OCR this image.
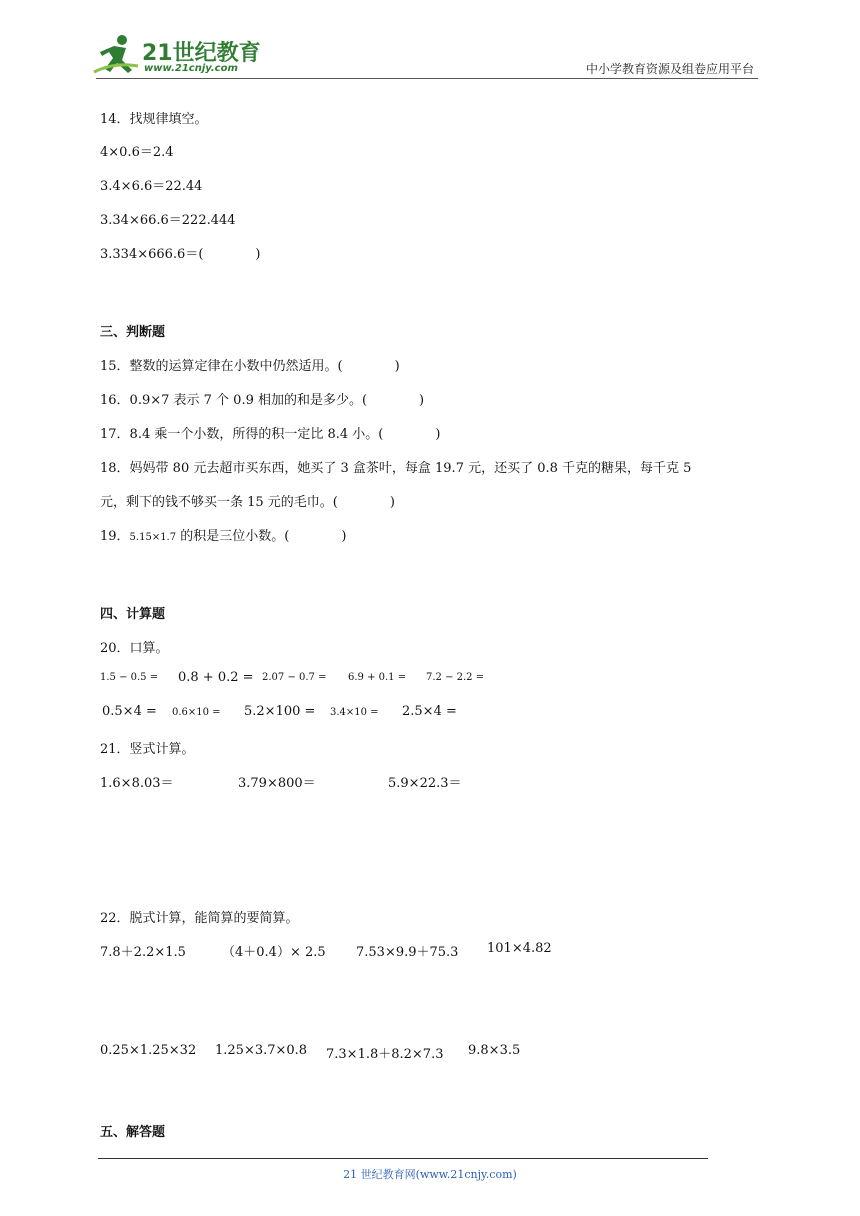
21世纪教育
www.21cnjy.com	中小学教育资源及组卷应用平台
14．找规律填空。
4×0.6＝2.4
3.4×6.6＝22.44
3.34×66.6＝222.444
3.334×666.6＝(　　　　)
三、判断题
15．整数的运算定律在小数中仍然适用。(　　　　)
16．0.9×7 表示 7 个 0.9 相加的和是多少。(　　　　)
17．8.4 乘一个小数，所得的积一定比 8.4 小。(　　　　)
18．妈妈带 80 元去超市买东西，她买了 3 盒茶叶，每盒 19.7 元，还买了 0.8 千克的糖果，每千克 5
元，剩下的钱不够买一条 15 元的毛巾。(　　　　)
19．5.15×1.7 的积是三位小数。(　　　　)
四、计算题
20．口算。
1.5 − 0.5 = 0.8 + 0.2 = 2.07 − 0.7 = 6.9 + 0.1 = 7.2 − 2.2 =
0.5×4 = 0.6×10 = 5.2×100 = 3.4×10 = 2.5×4 =
21．竖式计算。
1.6×8.03＝	3.79×800＝	5.9×22.3＝
22．脱式计算，能简算的要简算。
7.8＋2.2×1.5	（4＋0.4）× 2.5 7.53×9.9＋75.3 101×4.82
0.25×1.25×32 1.25×3.7×0.8 7.3×1.8＋8.2×7.3 9.8×3.5
五、解答题
21 世纪教育网(www.21cnjy.com)
